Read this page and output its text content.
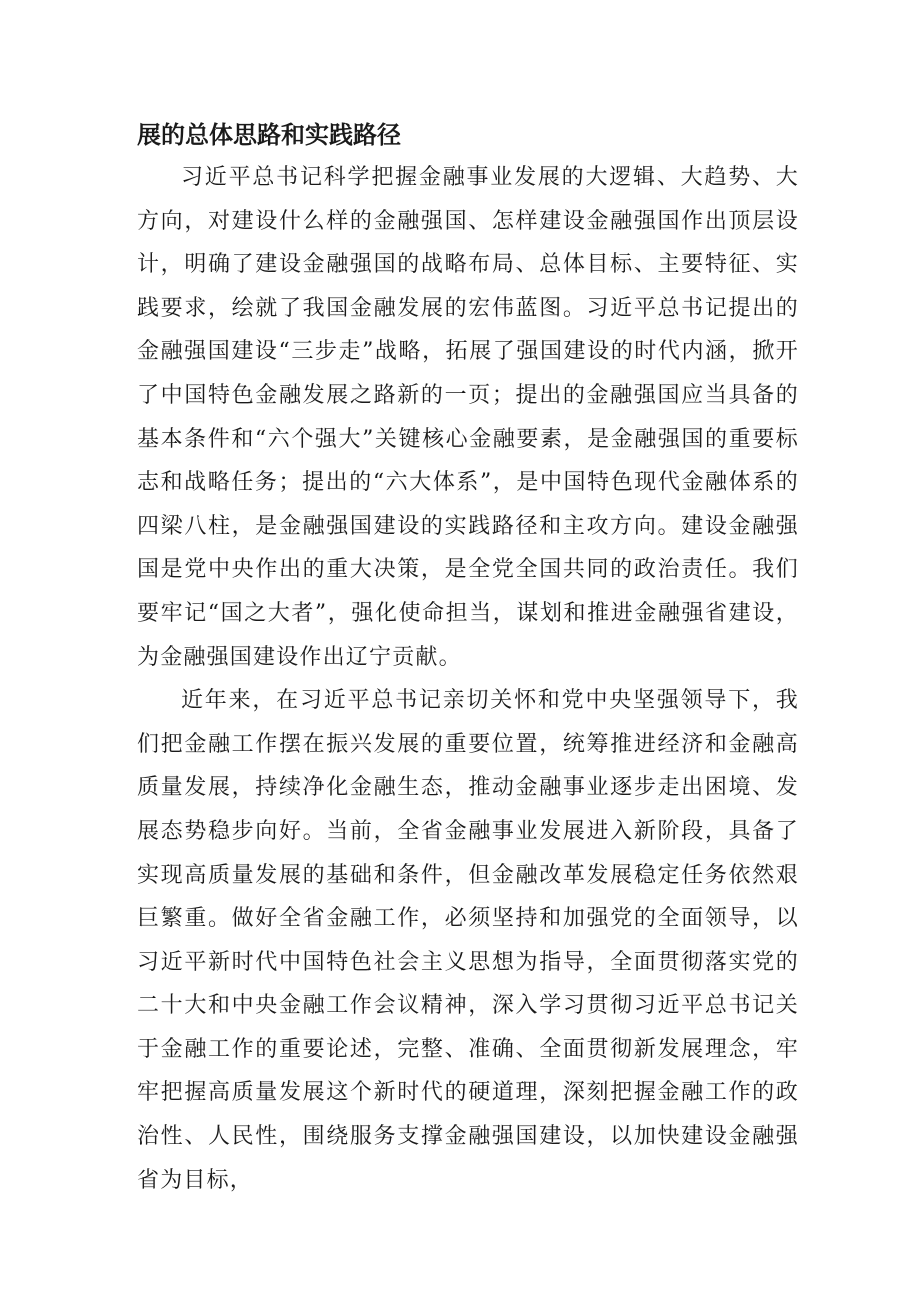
展的总体思路和实践路径

习近平总书记科学把握金融事业发展的大逻辑、大趋势、大方向，对建设什么样的金融强国、怎样建设金融强国作出顶层设计，明确了建设金融强国的战略布局、总体目标、主要特征、实践要求，绘就了我国金融发展的宏伟蓝图。习近平总书记提出的金融强国建设“三步走”战略，拓展了强国建设的时代内涵，掀开了中国特色金融发展之路新的一页；提出的金融强国应当具备的基本条件和“六个强大”关键核心金融要素，是金融强国的重要标志和战略任务；提出的“六大体系”，是中国特色现代金融体系的四梁八柱，是金融强国建设的实践路径和主攻方向。建设金融强国是党中央作出的重大决策，是全党全国共同的政治责任。我们要牢记“国之大者”，强化使命担当，谋划和推进金融强省建设，为金融强国建设作出辽宁贡献。

近年来，在习近平总书记亲切关怀和党中央坚强领导下，我们把金融工作摆在振兴发展的重要位置，统筹推进经济和金融高质量发展，持续净化金融生态，推动金融事业逐步走出困境、发展态势稳步向好。当前，全省金融事业发展进入新阶段，具备了实现高质量发展的基础和条件，但金融改革发展稳定任务依然艰巨繁重。做好全省金融工作，必须坚持和加强党的全面领导，以习近平新时代中国特色社会主义思想为指导，全面贯彻落实党的二十大和中央金融工作会议精神，深入学习贯彻习近平总书记关于金融工作的重要论述，完整、准确、全面贯彻新发展理念，牢牢把握高质量发展这个新时代的硬道理，深刻把握金融工作的政治性、人民性，围绕服务支撑金融强国建设，以加快建设金融强省为目标，
